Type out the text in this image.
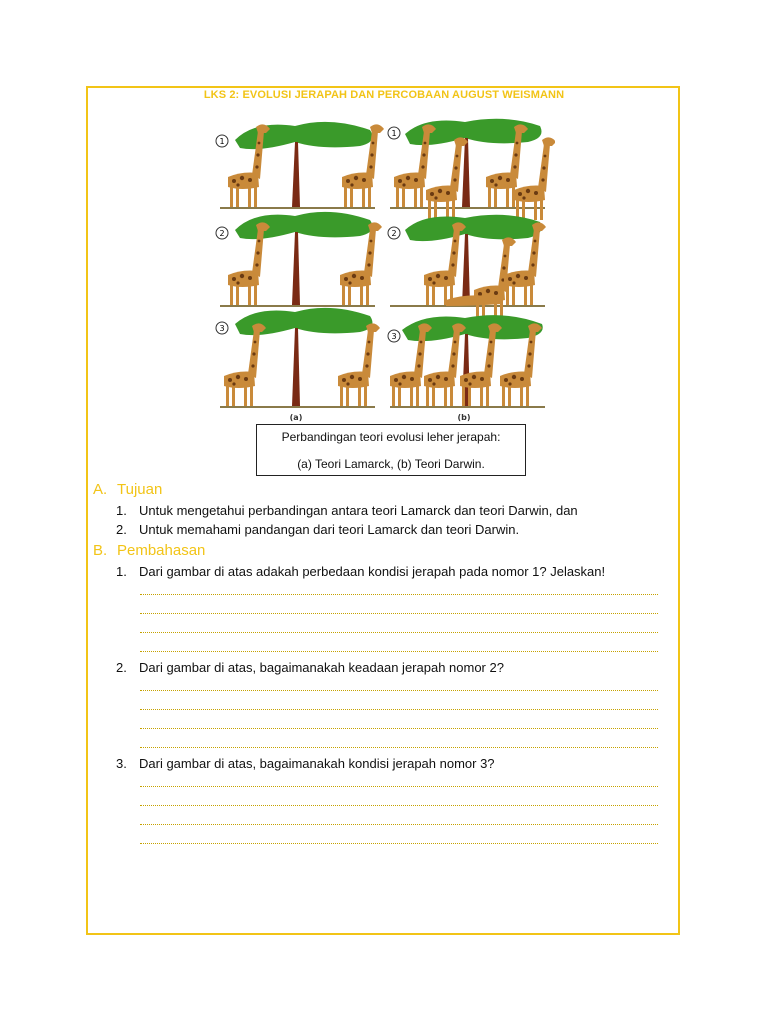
LKS 2: EVOLUSI JERAPAH DAN PERCOBAAN AUGUST WEISMANN
1
2
3
1
2
3
(a)	(b)
Perbandingan teori evolusi leher jerapah:
(a) Teori Lamarck, (b) Teori Darwin.
A. Tujuan
1. Untuk mengetahui perbandingan antara teori Lamarck dan teori Darwin, dan
2. Untuk memahami pandangan dari teori Lamarck dan teori Darwin.
B. Pembahasan
1. Dari gambar di atas adakah perbedaan kondisi jerapah pada nomor 1? Jelaskan!
2. Dari gambar di atas, bagaimanakah keadaan jerapah nomor 2?
3. Dari gambar di atas, bagaimanakah kondisi jerapah nomor 3?
